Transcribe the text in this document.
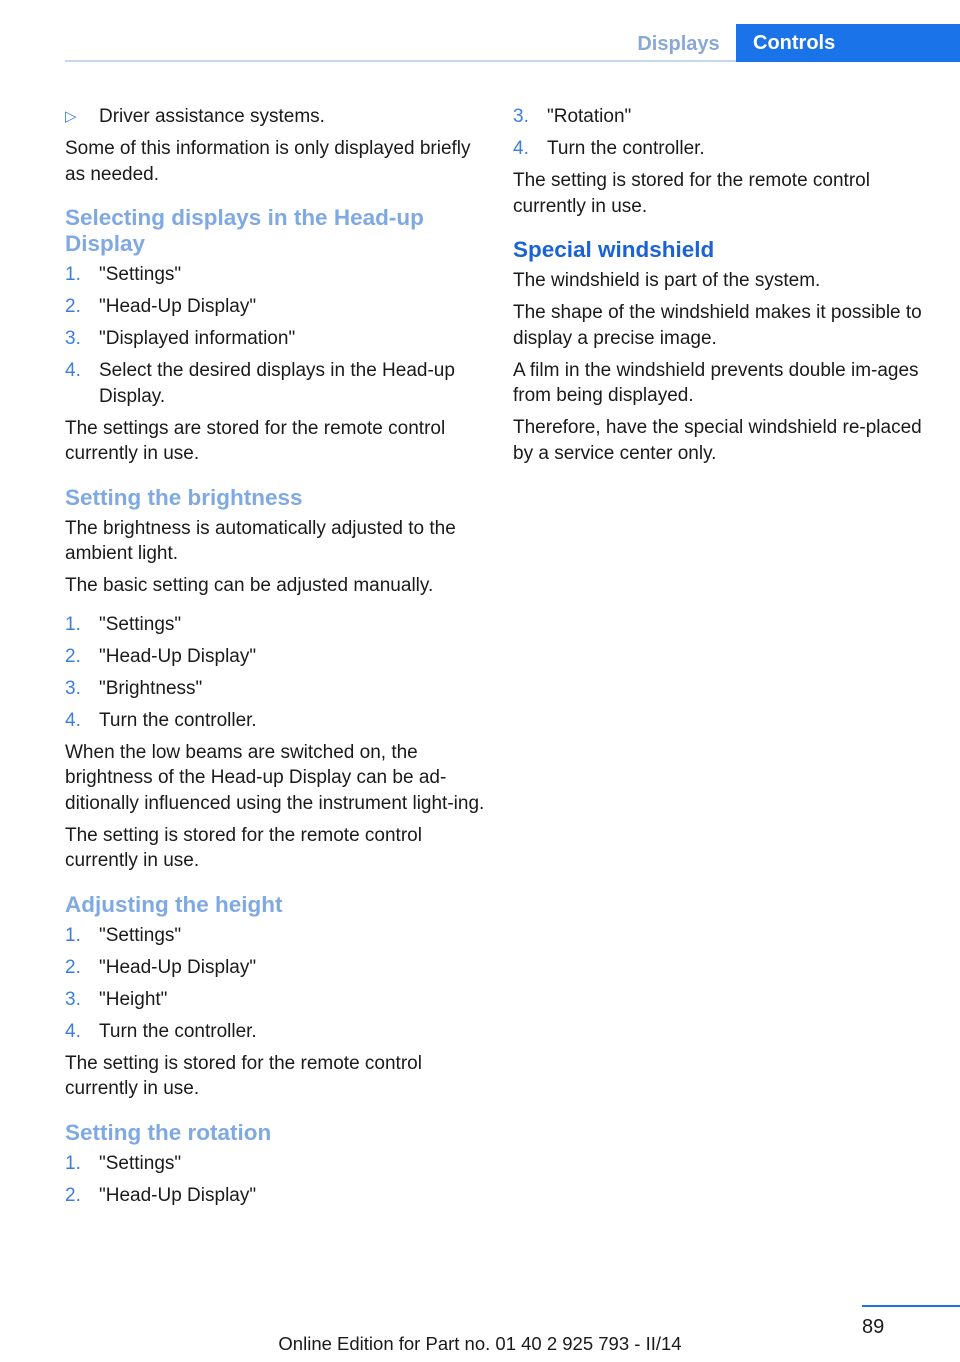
Displays	Controls
▷ Driver assistance systems.

Some of this information is only displayed briefly as needed.

Selecting displays in the Head-up Display
1. "Settings"
2. "Head-Up Display"
3. "Displayed information"
4. Select the desired displays in the Head-up Display.

The settings are stored for the remote control currently in use.

Setting the brightness

The brightness is automatically adjusted to the ambient light.

The basic setting can be adjusted manually.

1. "Settings"
2. "Head-Up Display"
3. "Brightness"
4. Turn the controller.

When the low beams are switched on, the brightness of the Head-up Display can be ad‐ditionally influenced using the instrument light‐ing.

The setting is stored for the remote control currently in use.

Adjusting the height
1. "Settings"
2. "Head-Up Display"
3. "Height"
4. Turn the controller.

The setting is stored for the remote control currently in use.

Setting the rotation
1. "Settings"
2. "Head-Up Display"
3. "Rotation"
4. Turn the controller.

The setting is stored for the remote control currently in use.

Special windshield

The windshield is part of the system.

The shape of the windshield makes it possible to display a precise image.

A film in the windshield prevents double im‐ages from being displayed.

Therefore, have the special windshield re‐placed by a service center only.

89
Online Edition for Part no. 01 40 2 925 793 - II/14
